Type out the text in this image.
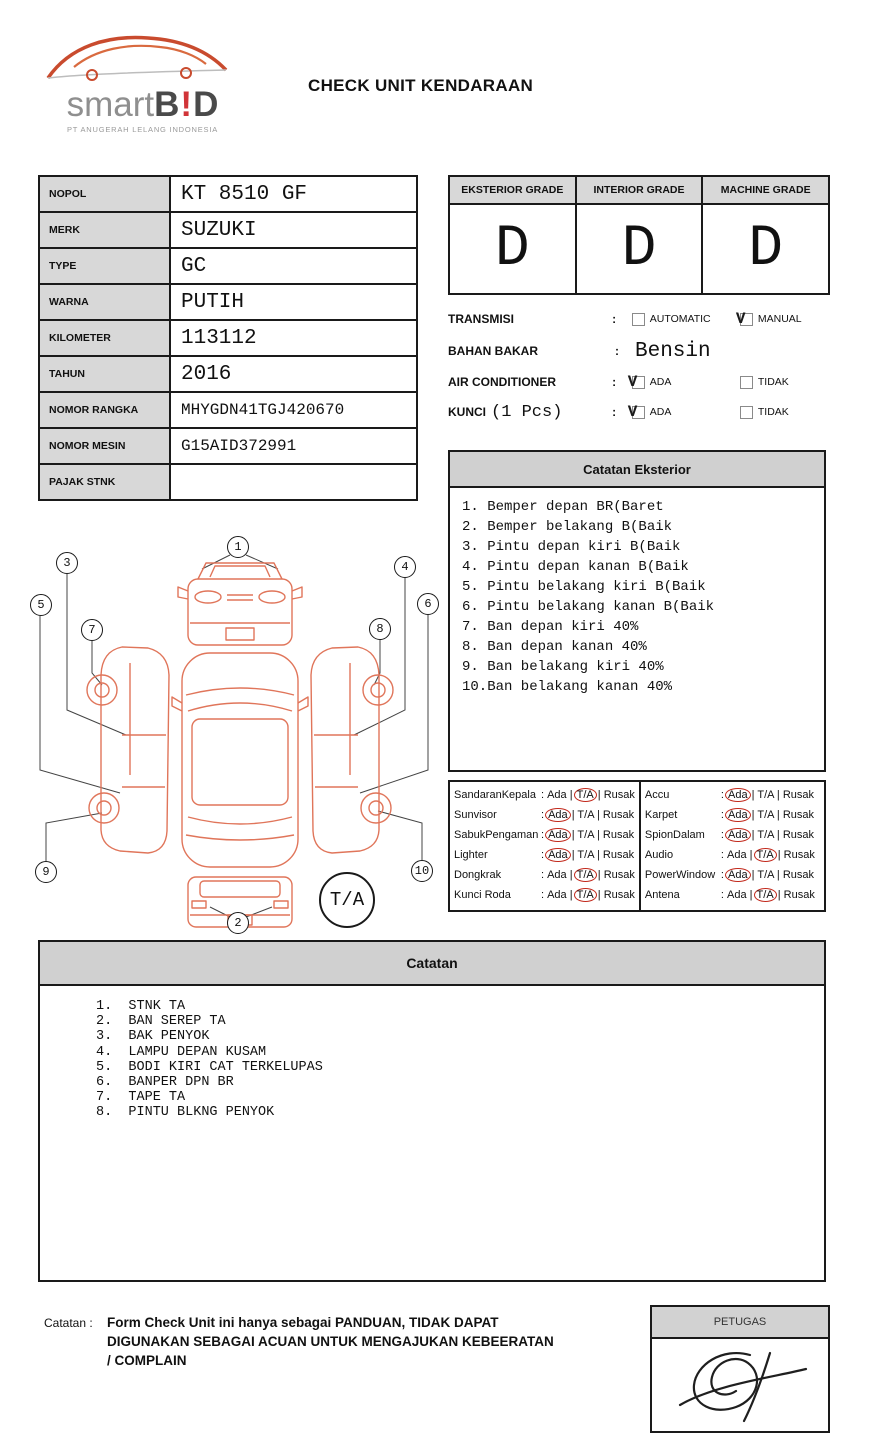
smart B ! D
PT ANUGERAH LELANG INDONESIA
CHECK UNIT KENDARAAN
NOPOL	KT 8510 GF
MERK	SUZUKI
TYPE	GC
WARNA	PUTIH
KILOMETER	113112
TAHUN	2016
NOMOR RANGKA	MHYGDN41TGJ420670
NOMOR MESIN	G15AID372991
PAJAK STNK
EKSTERIOR GRADE
D
INTERIOR GRADE
D
MACHINE GRADE
D
TRANSMISI	:	AUTOMATIC V MANUAL
BAHAN BAKAR	: Bensin
AIR CONDITIONER	: V ADA	TIDAK
KUNCI (1 Pcs)	: V ADA	TIDAK
Catatan Eksterior
1. Bemper depan BR(Baret
2. Bemper belakang B(Baik
3. Pintu depan kiri B(Baik
4. Pintu depan kanan B(Baik
5. Pintu belakang kiri B(Baik
6. Pintu belakang kanan B(Baik
7. Ban depan kiri 40%
8. Ban depan kanan 40%
9. Ban belakang kiri 40%
10.Ban belakang kanan 40%
1
2
3	4
5	6
7	8
9	10
T/A
SandaranKepala : Ada | T/A | Rusak
Sunvisor	: Ada | T/A | Rusak
SabukPengaman : Ada | T/A | Rusak
Lighter	: Ada | T/A | Rusak
Dongkrak	: Ada | T/A | Rusak
Kunci Roda	: Ada | T/A | Rusak
Accu	: Ada | T/A | Rusak
Karpet	: Ada | T/A | Rusak
SpionDalam	: Ada | T/A | Rusak
Audio	: Ada | T/A | Rusak
PowerWindow : Ada | T/A | Rusak
Antena	: Ada | T/A | Rusak
Catatan
1.  STNK TA
2.  BAN SEREP TA
3.  BAK PENYOK
4.  LAMPU DEPAN KUSAM
5.  BODI KIRI CAT TERKELUPAS
6.  BANPER DPN BR
7.  TAPE TA
8.  PINTU BLKNG PENYOK
Catatan : Form Check Unit ini hanya sebagai PANDUAN, TIDAK DAPAT DIGUNAKAN SEBAGAI ACUAN UNTUK MENGAJUKAN KEBEERATAN / COMPLAIN
PETUGAS
